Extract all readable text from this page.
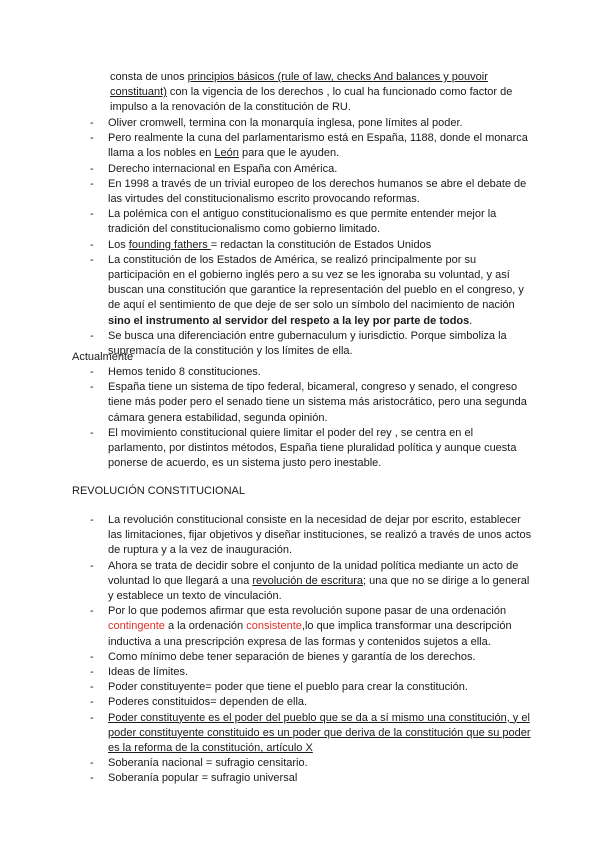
consta de unos principios básicos (rule of law, checks And balances y pouvoir constituant) con la vigencia de los derechos , lo cual ha funcionado como factor de impulso a la renovación de la constitución de RU.
- Oliver cromwell, termina con la monarquía inglesa, pone límites al poder.
- Pero realmente la cuna del parlamentarismo está en España, 1188, donde el monarca llama a los nobles en León para que le ayuden.
- Derecho internacional en España con América.
- En 1998 a través de un trivial europeo de los derechos humanos se abre el debate de las virtudes del constitucionalismo escrito provocando reformas.
- La polémica con el antiguo constitucionalismo es que permite entender mejor la tradición del constitucionalismo como gobierno limitado.
- Los founding fathers = redactan la constitución de Estados Unidos
- La constitución de los Estados de América, se realizó principalmente por su participación en el gobierno inglés pero a su vez se les ignoraba su voluntad, y así buscan una constitución que garantice la representación del pueblo en el congreso, y de aquí el sentimiento de que deje de ser solo un símbolo del nacimiento de nación sino el instrumento al servidor del respeto a la ley por parte de todos.
- Se busca una diferenciación entre gubernaculum y iurisdictio. Porque simboliza la supremacía de la constitución y los límites de ella.
Actualmente
- Hemos tenido 8 constituciones.
- España tiene un sistema de tipo federal, bicameral, congreso y senado, el congreso tiene más poder pero el senado tiene un sistema más aristocrático, pero una segunda cámara genera estabilidad, segunda opinión.
- El movimiento constitucional quiere limitar el poder del rey , se centra en el parlamento, por distintos métodos, España tiene pluralidad política y aunque cuesta ponerse de acuerdo, es un sistema justo pero inestable.
REVOLUCIÓN CONSTITUCIONAL
- La revolución constitucional consiste en la necesidad de dejar por escrito, establecer las limitaciones, fijar objetivos y diseñar instituciones, se realizó a través de unos actos de ruptura y a la vez de inauguración.
- Ahora se trata de decidir sobre el conjunto de la unidad política mediante un acto de voluntad lo que llegará a una revolución de escritura; una que no se dirige a lo general y establece un texto de vinculación.
- Por lo que podemos afirmar que esta revolución supone pasar de una ordenación contingente a la ordenación consistente,lo que implica transformar una descripción inductiva a una prescripción expresa de las formas y contenidos sujetos a ella.
- Como mínimo debe tener separación de bienes y garantía de los derechos.
- Ideas de límites.
- Poder constituyente= poder que tiene el pueblo para crear la constitución.
- Poderes constituidos= dependen de ella.
- Poder constituyente es el poder del pueblo que se da a sí mismo una constitución, y el poder constituyente constituido es un poder que deriva de la constitución que su poder es la reforma de la constitución, artículo X
- Soberanía nacional = sufragio censitario.
- Soberanía popular = sufragio universal
